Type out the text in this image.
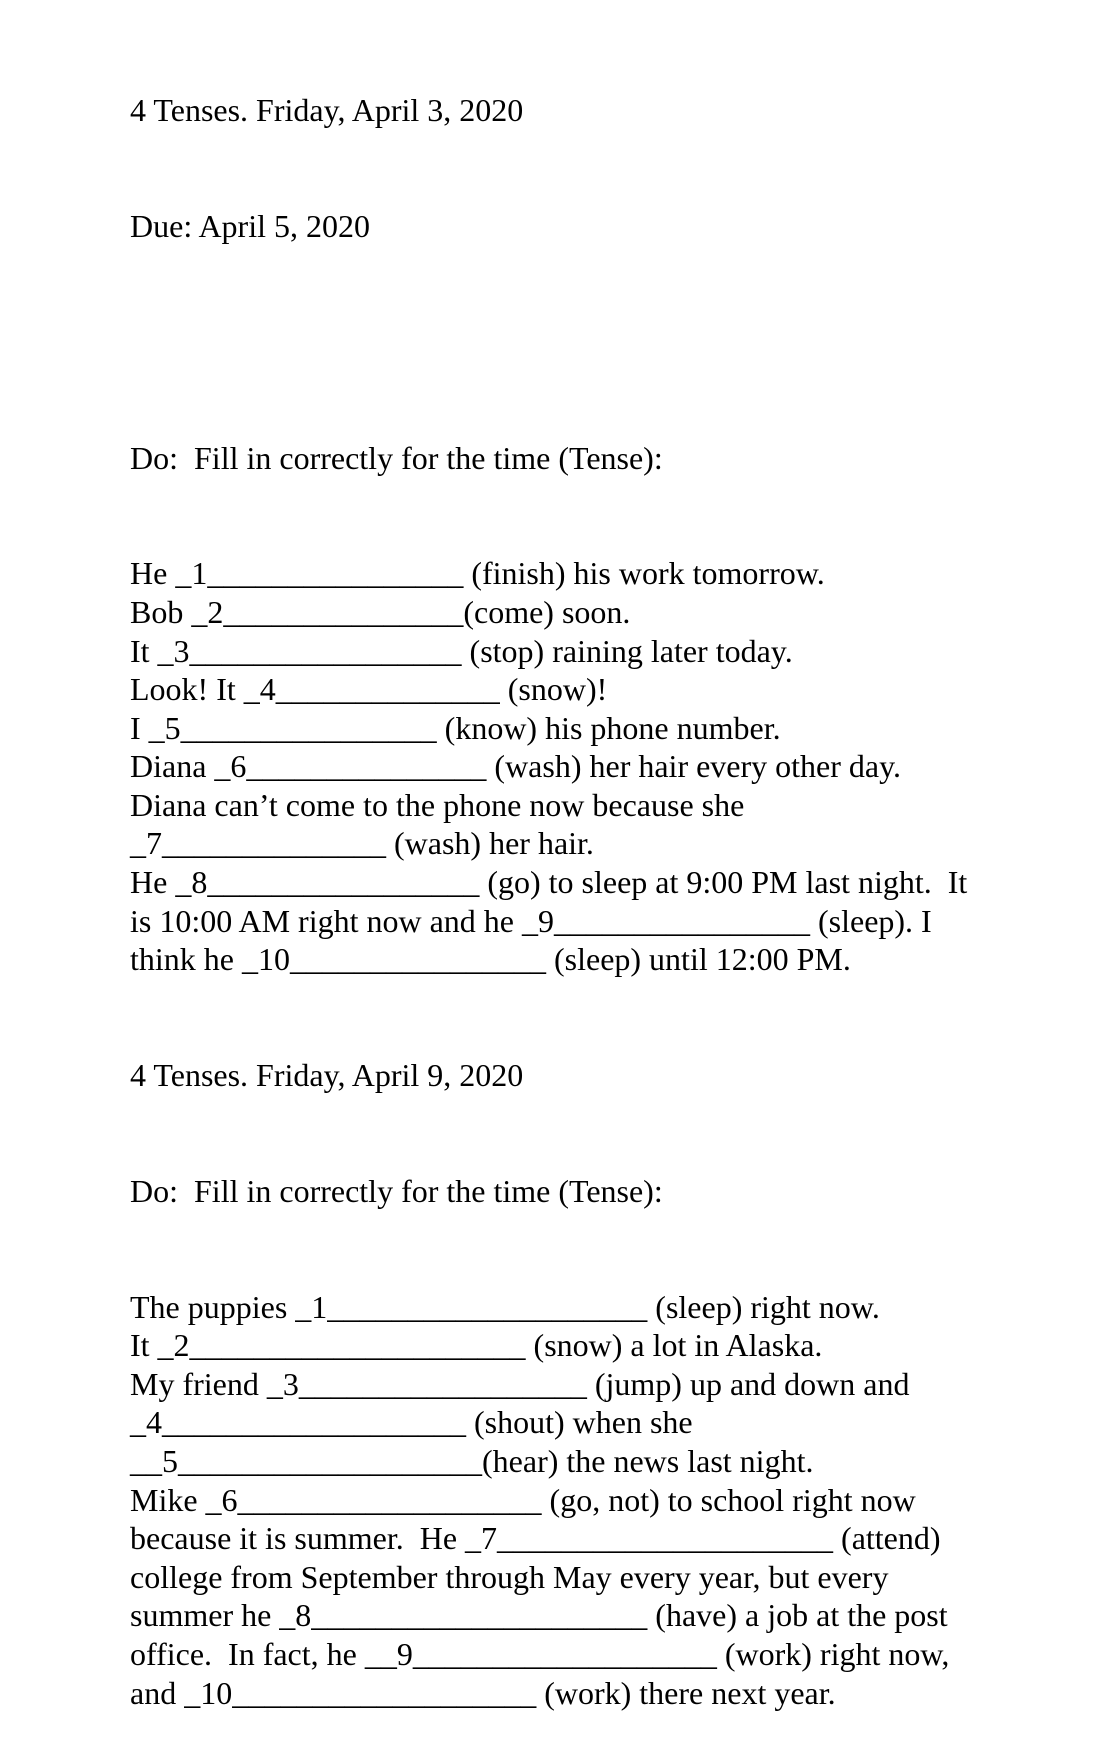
4 Tenses. Friday, April 3, 2020

Due: April 5, 2020

Do:  Fill in correctly for the time (Tense):

He _1________________ (finish) his work tomorrow.
Bob _2_______________(come) soon.
It _3_________________ (stop) raining later today.
Look! It _4______________ (snow)!
I _5________________ (know) his phone number.
Diana _6_______________ (wash) her hair every other day.
Diana can’t come to the phone now because she
_7______________ (wash) her hair.
He _8_________________ (go) to sleep at 9:00 PM last night.  It
is 10:00 AM right now and he _9________________ (sleep). I
think he _10________________ (sleep) until 12:00 PM.

4 Tenses. Friday, April 9, 2020

Do:  Fill in correctly for the time (Tense):

The puppies _1____________________ (sleep) right now.
It _2_____________________ (snow) a lot in Alaska.
My friend _3__________________ (jump) up and down and
_4___________________ (shout) when she
__5___________________(hear) the news last night.
Mike _6___________________ (go, not) to school right now
because it is summer.  He _7_____________________ (attend)
college from September through May every year, but every
summer he _8_____________________ (have) a job at the post
office.  In fact, he __9___________________ (work) right now,
and _10___________________ (work) there next year.
